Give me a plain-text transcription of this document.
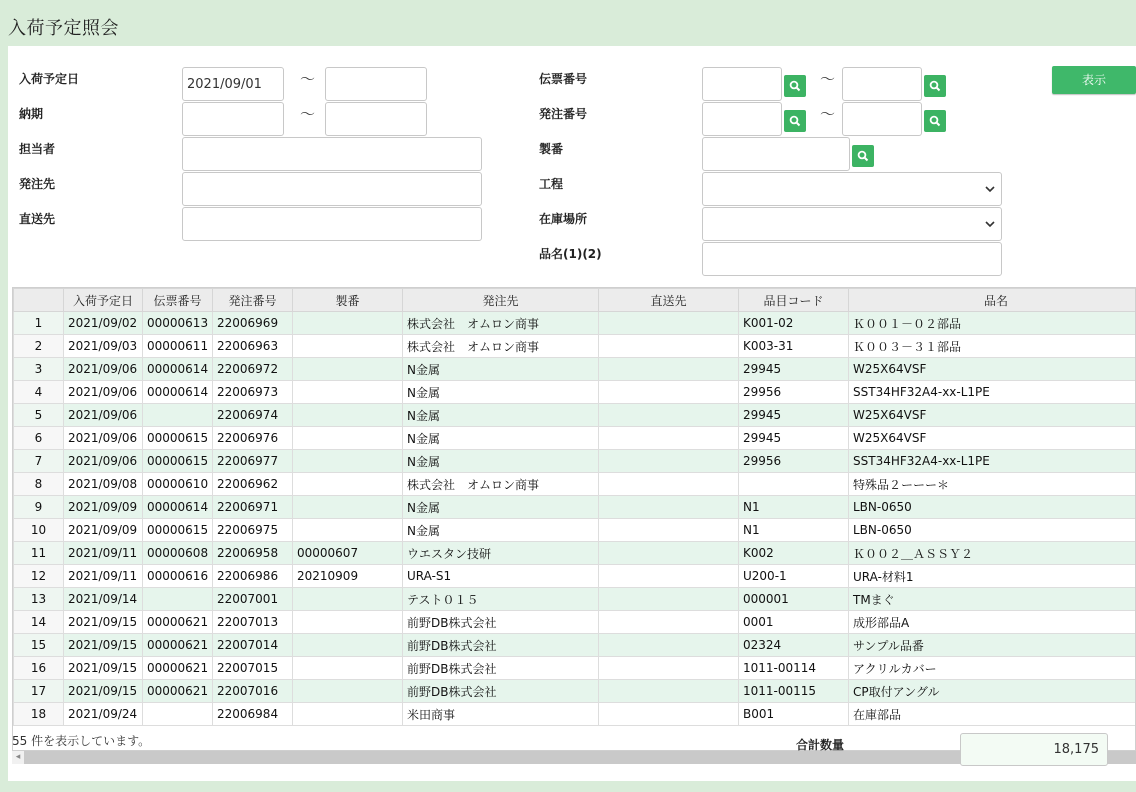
入荷予定照会
入荷予定日
納期
担当者
発注先
直送先
2021/09/01
～
～
伝票番号
発注番号
製番
工程
在庫場所
品名(1)(2)
～
～
表示
	入荷予定日	伝票番号	発注番号	製番	発注先	直送先	品目コード	品名
1	2021/09/02	00000613	22006969		株式会社　オムロン商事		K001-02	Ｋ００１－０２部品
2	2021/09/03	00000611	22006963		株式会社　オムロン商事		K003-31	Ｋ００３－３１部品
3	2021/09/06	00000614	22006972		N金属		29945	W25X64VSF
4	2021/09/06	00000614	22006973		N金属		29956	SST34HF32A4-xx-L1PE
5	2021/09/06		22006974		N金属		29945	W25X64VSF
6	2021/09/06	00000615	22006976		N金属		29945	W25X64VSF
7	2021/09/06	00000615	22006977		N金属		29956	SST34HF32A4-xx-L1PE
8	2021/09/08	00000610	22006962		株式会社　オムロン商事			特殊品２ーーー＊
9	2021/09/09	00000614	22006971		N金属		N1	LBN-0650
10	2021/09/09	00000615	22006975		N金属		N1	LBN-0650
11	2021/09/11	00000608	22006958	00000607	ウエスタン技研		K002	Ｋ００２＿ＡＳＳＹ２
12	2021/09/11	00000616	22006986	20210909	URA-S1		U200-1	URA-材料1
13	2021/09/14		22007001		テスト０１５		000001	TMまぐ
14	2021/09/15	00000621	22007013		前野DB株式会社		0001	成形部品A
15	2021/09/15	00000621	22007014		前野DB株式会社		02324	サンプル品番
16	2021/09/15	00000621	22007015		前野DB株式会社		1011-00114	アクリルカバー
17	2021/09/15	00000621	22007016		前野DB株式会社		1011-00115	CP取付アングル
18	2021/09/24		22006984		米田商事		B001	在庫部品
◂
55 件を表示しています。	合計数量	18,175
